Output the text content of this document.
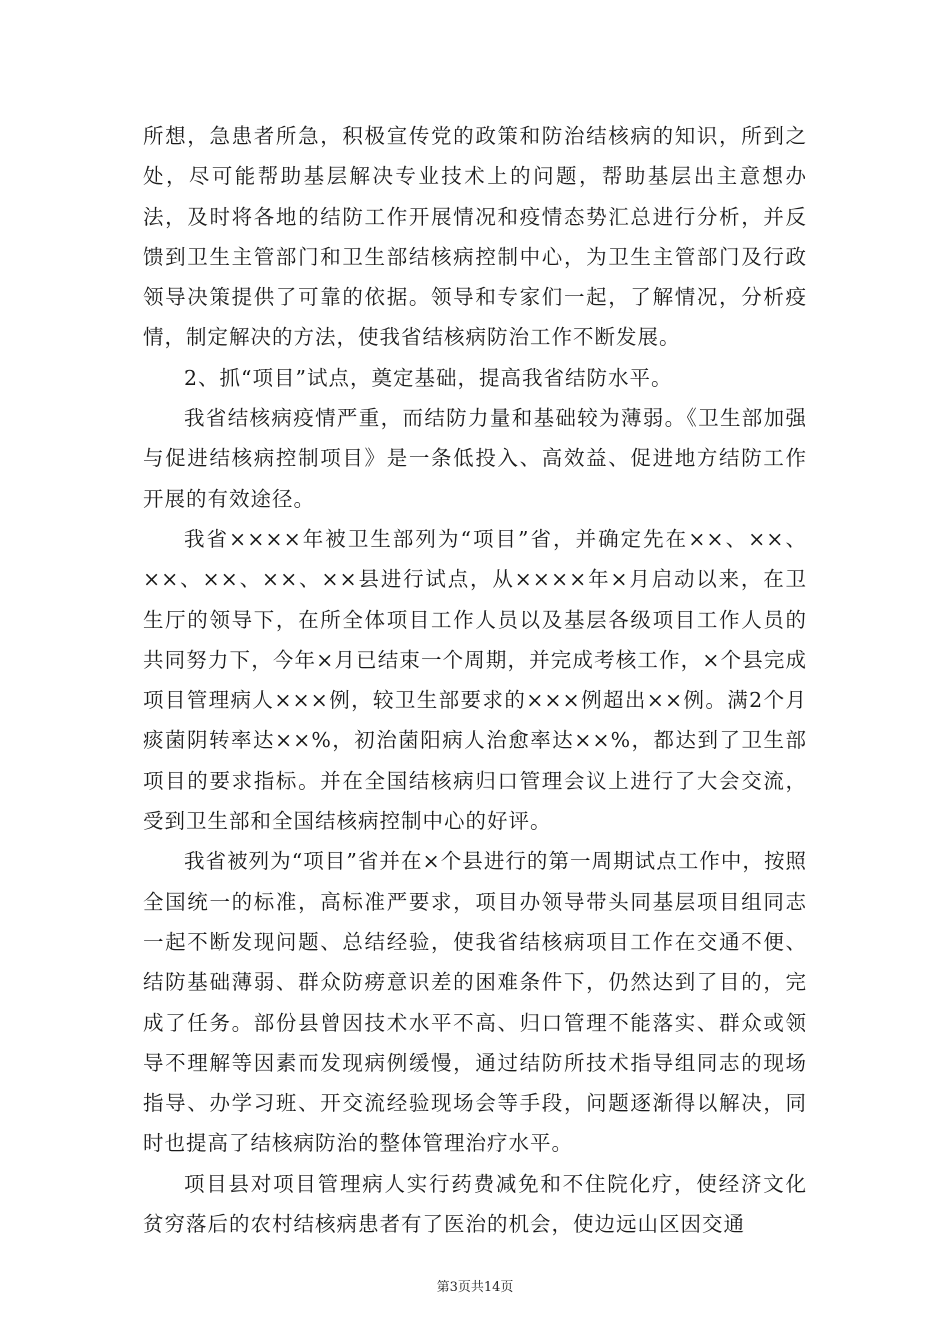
所想，急患者所急，积极宣传党的政策和防治结核病的知识，所到之处，尽可能帮助基层解决专业技术上的问题，帮助基层出主意想办法，及时将各地的结防工作开展情况和疫情态势汇总进行分析，并反馈到卫生主管部门和卫生部结核病控制中心，为卫生主管部门及行政领导决策提供了可靠的依据。领导和专家们一起，了解情况，分析疫情，制定解决的方法，使我省结核病防治工作不断发展。

2、抓“项目”试点，奠定基础，提高我省结防水平。

我省结核病疫情严重，而结防力量和基础较为薄弱。《卫生部加强与促进结核病控制项目》是一条低投入、高效益、促进地方结防工作开展的有效途径。

我省××××年被卫生部列为“项目”省，并确定先在××、××、××、××、××、××县进行试点，从××××年×月启动以来，在卫生厅的领导下，在所全体项目工作人员以及基层各级项目工作人员的共同努力下，今年×月已结束一个周期，并完成考核工作，×个县完成项目管理病人×××例，较卫生部要求的×××例超出××例。满2个月痰菌阴转率达××%，初治菌阳病人治愈率达××%，都达到了卫生部项目的要求指标。并在全国结核病归口管理会议上进行了大会交流，受到卫生部和全国结核病控制中心的好评。

我省被列为“项目”省并在×个县进行的第一周期试点工作中，按照全国统一的标准，高标准严要求，项目办领导带头同基层项目组同志一起不断发现问题、总结经验，使我省结核病项目工作在交通不便、结防基础薄弱、群众防痨意识差的困难条件下，仍然达到了目的，完成了任务。部份县曾因技术水平不高、归口管理不能落实、群众或领导不理解等因素而发现病例缓慢，通过结防所技术指导组同志的现场指导、办学习班、开交流经验现场会等手段，问题逐渐得以解决，同时也提高了结核病防治的整体管理治疗水平。

项目县对项目管理病人实行药费减免和不住院化疗，使经济文化贫穷落后的农村结核病患者有了医治的机会，使边远山区因交通

第3页共14页
